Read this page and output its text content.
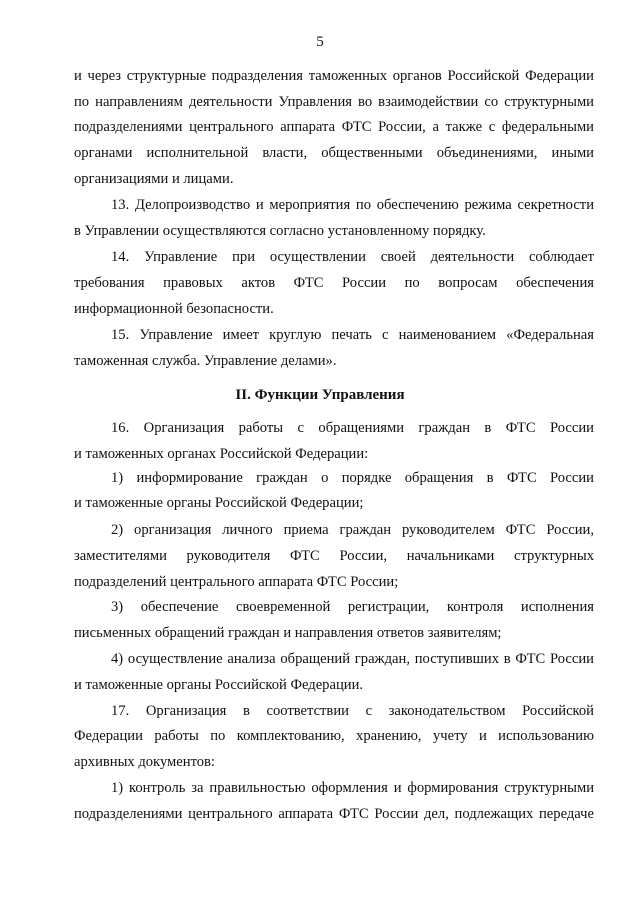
5
и через структурные подразделения таможенных органов Российской Федерации
по направлениям деятельности Управления во взаимодействии со структурными
подразделениями центрального аппарата ФТС России, а также с федеральными
органами исполнительной власти, общественными объединениями, иными
организациями и лицами.
13. Делопроизводство и мероприятия по обеспечению режима секретности
в Управлении осуществляются согласно установленному порядку.
14. Управление при осуществлении своей деятельности соблюдает
требования правовых актов ФТС России по вопросам обеспечения
информационной безопасности.
15. Управление имеет круглую печать с наименованием «Федеральная
таможенная служба. Управление делами».
II. Функции Управления
16. Организация работы с обращениями граждан в ФТС России
и таможенных органах Российской Федерации:
1) информирование граждан о порядке обращения в ФТС России
и таможенные органы Российской Федерации;
2) организация личного приема граждан руководителем ФТС России,
заместителями руководителя ФТС России, начальниками структурных
подразделений центрального аппарата ФТС России;
3) обеспечение своевременной регистрации, контроля исполнения
письменных обращений граждан и направления ответов заявителям;
4) осуществление анализа обращений граждан, поступивших в ФТС России
и таможенные органы Российской Федерации.
17. Организация в соответствии с законодательством Российской
Федерации работы по комплектованию, хранению, учету и использованию
архивных документов:
1) контроль за правильностью оформления и формирования структурными
подразделениями центрального аппарата ФТС России дел, подлежащих передаче
